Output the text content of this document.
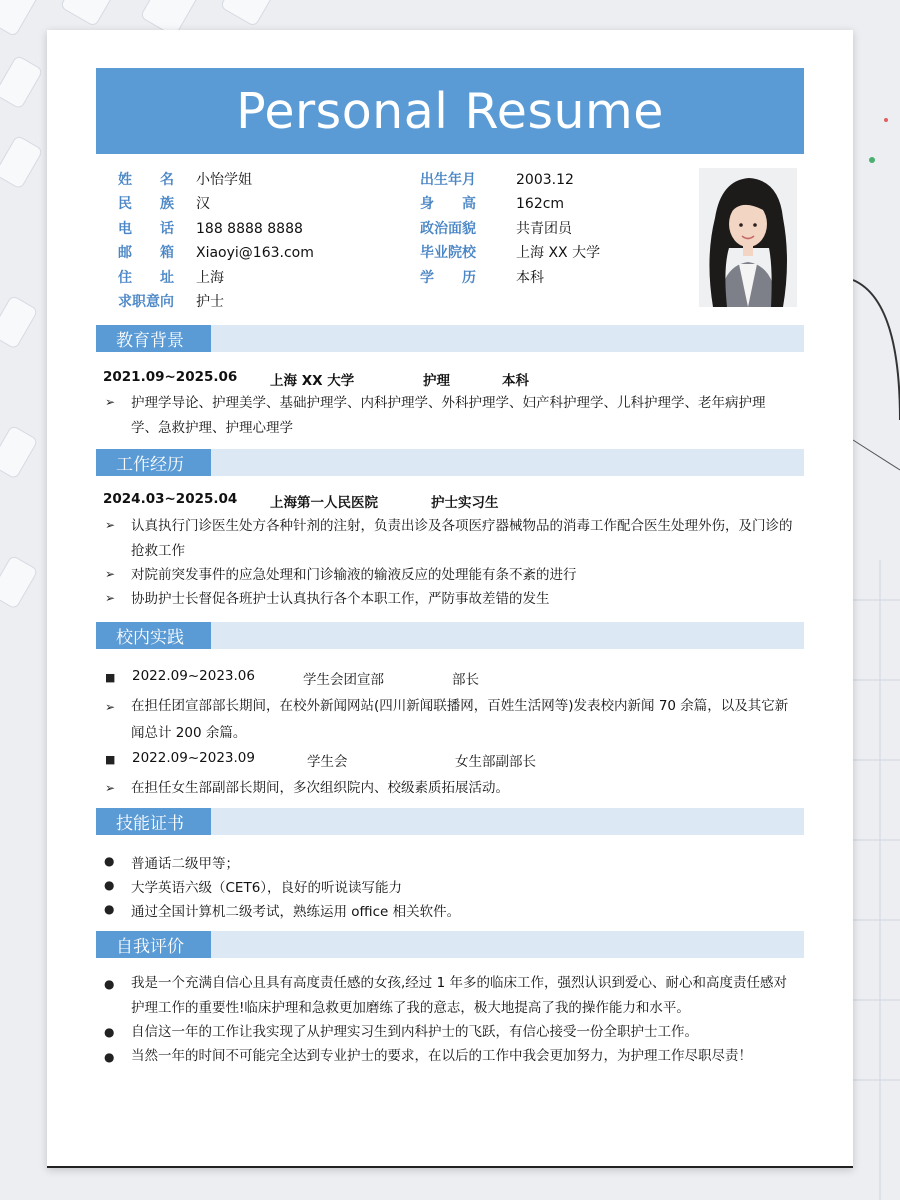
Personal Resume
姓　　名	小怡学姐
民　　族	汉
电　　话	188 8888 8888
邮　　箱	Xiaoyi@163.com
住　　址	上海
求职意向	护士
出生年月	2003.12
身　　高	162cm
政治面貌	共青团员
毕业院校	上海 XX 大学
学　　历	本科
教育背景
2021.09~2025.06 上海 XX 大学	护理	本科
➢ 护理学导论、护理美学、基础护理学、内科护理学、外科护理学、妇产科护理学、儿科护理学、老年病护理学、急救护理、护理心理学
工作经历
2024.03~2025.04 上海第一人民医院	护士实习生
➢ 认真执行门诊医生处方各种针剂的注射，负责出诊及各项医疗器械物品的消毒工作配合医生处理外伤，及门诊的抢救工作
➢ 对院前突发事件的应急处理和门诊输液的输液反应的处理能有条不紊的进行
➢ 协助护士长督促各班护士认真执行各个本职工作，严防事故差错的发生
校内实践
■ 2022.09~2023.06	学生会团宣部	部长
➢ 在担任团宣部部长期间，在校外新闻网站(四川新闻联播网，百姓生活网等)发表校内新闻 70 余篇，以及其它新闻总计 200 余篇。
■ 2022.09~2023.09	学生会	女生部副部长
➢ 在担任女生部副部长期间，多次组织院内、校级素质拓展活动。
技能证书
● 普通话二级甲等；
● 大学英语六级（CET6），良好的听说读写能力
● 通过全国计算机二级考试，熟练运用 office 相关软件。
自我评价
● 我是一个充满自信心且具有高度责任感的女孩,经过 1 年多的临床工作，强烈认识到爱心、耐心和高度责任感对护理工作的重要性!临床护理和急救更加磨练了我的意志，极大地提高了我的操作能力和水平。
● 自信这一年的工作让我实现了从护理实习生到内科护士的飞跃，有信心接受一份全职护士工作。
● 当然一年的时间不可能完全达到专业护士的要求，在以后的工作中我会更加努力，为护理工作尽职尽责！
